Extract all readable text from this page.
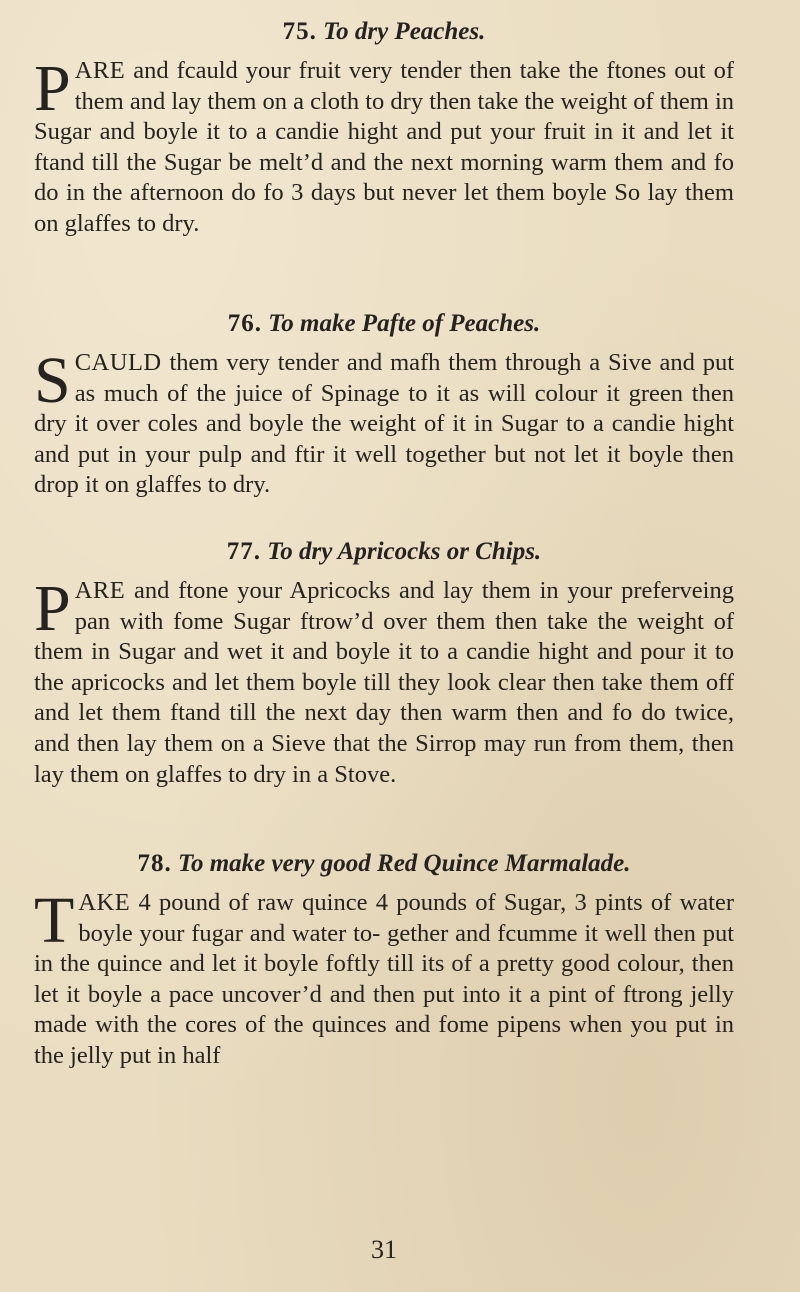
75. To dry Peaches.

PARE and fcauld your fruit very tender then take the ftones out of them and lay them on a cloth to dry then take the weight of them in Sugar and boyle it to a candie hight and put your fruit in it and let it ftand till the Sugar be melt’d and the next morning warm them and fo do in the afternoon do fo 3 days but never let them boyle So lay them on glaffes to dry.

76. To make Pafte of Peaches.

SCAULD them very tender and mafh them through a Sive and put as much of the juice of Spinage to it as will colour it green then dry it over coles and boyle the weight of it in Sugar to a candie hight and put in your pulp and ftir it well together but not let it boyle then drop it on glaffes to dry.

77. To dry Apricocks or Chips.

PARE and ftone your Apricocks and lay them in your preferveing pan with fome Sugar ftrow’d over them then take the weight of them in Sugar and wet it and boyle it to a candie hight and pour it to the apricocks and let them boyle till they look clear then take them off and let them ftand till the next day then warm then and fo do twice, and then lay them on a Sieve that the Sirrop may run from them, then lay them on glaffes to dry in a Stove.

78. To make very good Red Quince Marmalade.

TAKE 4 pound of raw quince 4 pounds of Sugar, 3 pints of water boyle your fugar and water to- gether and fcumme it well then put in the quince and let it boyle foftly till its of a pretty good colour, then let it boyle a pace uncover’d and then put into it a pint of ftrong jelly made with the cores of the quinces and fome pipens when you put in the jelly put in half

31
